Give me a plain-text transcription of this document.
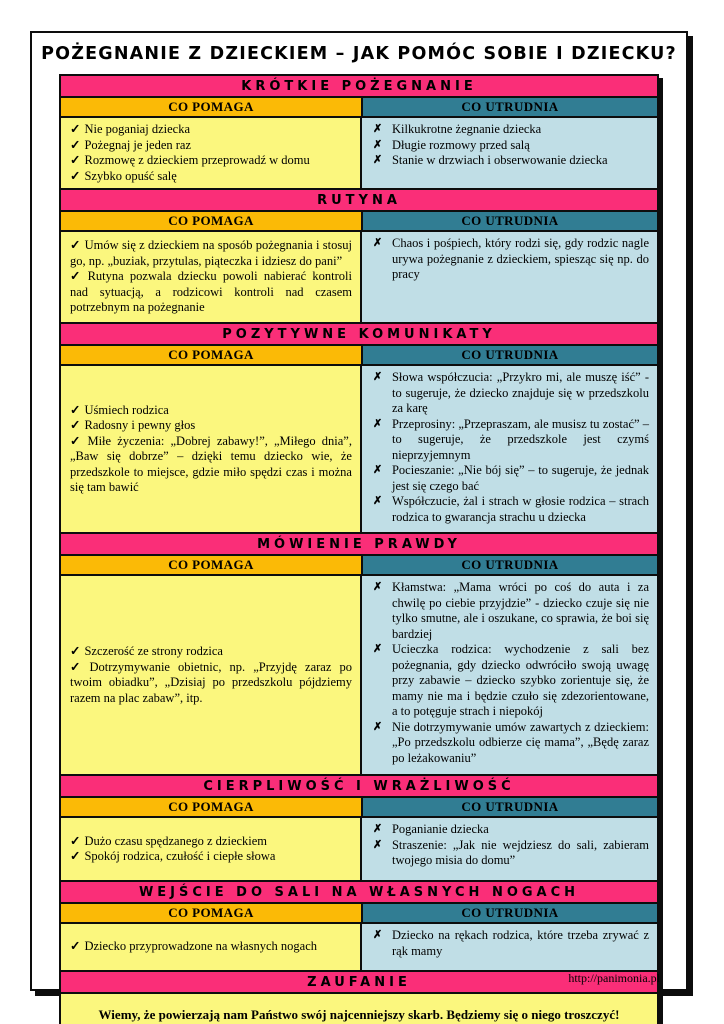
POŻEGNANIE Z DZIECKIEM – JAK POMÓC SOBIE I DZIECKU?
KRÓTKIE POŻEGNANIE
CO POMAGA	CO UTRUDNIA
✓ Nie poganiaj dziecka
✓ Pożegnaj je jeden raz
✓ Rozmowę z dzieckiem przeprowadź w domu
✓ Szybko opuść salę
✗ Kilkukrotne żegnanie dziecka
✗ Długie rozmowy przed salą
✗ Stanie w drzwiach i obserwowanie dziecka
RUTYNA
CO POMAGA	CO UTRUDNIA
✓ Umów się z dzieckiem na sposób pożegnania i stosuj go, np. „buziak, przytulas, piąteczka i idziesz do pani”
✓ Rutyna pozwala dziecku powoli nabierać kontroli nad sytuacją, a rodzicowi kontroli nad czasem potrzebnym na pożegnanie
✗ Chaos i pośpiech, który rodzi się, gdy rodzic nagle urywa pożegnanie z dzieckiem, spiesząc się np. do pracy
POZYTYWNE KOMUNIKATY
CO POMAGA	CO UTRUDNIA
✓ Uśmiech rodzica
✓ Radosny i pewny głos
✓ Miłe życzenia: „Dobrej zabawy!”, „Miłego dnia”, „Baw się dobrze” – dzięki temu dziecko wie, że przedszkole to miejsce, gdzie miło spędzi czas i można się tam bawić
✗ Słowa współczucia: „Przykro mi, ale muszę iść” - to sugeruje, że dziecko znajduje się w przedszkolu za karę
✗ Przeprosiny: „Przepraszam, ale musisz tu zostać” – to sugeruje, że przedszkole jest czymś nieprzyjemnym
✗ Pocieszanie: „Nie bój się” – to sugeruje, że jednak jest się czego bać
✗ Współczucie, żal i strach w głosie rodzica – strach rodzica to gwarancja strachu u dziecka
MÓWIENIE PRAWDY
CO POMAGA	CO UTRUDNIA
✓ Szczerość ze strony rodzica
✓ Dotrzymywanie obietnic, np. „Przyjdę zaraz po twoim obiadku”, „Dzisiaj po przedszkolu pójdziemy razem na plac zabaw”, itp.
✗ Kłamstwa: „Mama wróci po coś do auta i za chwilę po ciebie przyjdzie” - dziecko czuje się nie tylko smutne, ale i oszukane, co sprawia, że boi się bardziej
✗ Ucieczka rodzica: wychodzenie z sali bez pożegnania, gdy dziecko odwróciło swoją uwagę przy zabawie – dziecko szybko zorientuje się, że mamy nie ma i będzie czuło się zdezorientowane, a to potęguje strach i niepokój
✗ Nie dotrzymywanie umów zawartych z dzieckiem: „Po przedszkolu odbierze cię mama”, „Będę zaraz po leżakowaniu”
CIERPLIWOŚĆ I WRAŻLIWOŚĆ
CO POMAGA	CO UTRUDNIA
✓ Dużo czasu spędzanego z dzieckiem
✓ Spokój rodzica, czułość i ciepłe słowa
✗ Poganianie dziecka
✗ Straszenie: „Jak nie wejdziesz do sali, zabieram twojego misia do domu”
WEJŚCIE DO SALI NA WŁASNYCH NOGACH
CO POMAGA	CO UTRUDNIA
✓ Dziecko przyprowadzone na własnych nogach
✗ Dziecko na rękach rodzica, które trzeba zrywać z rąk mamy
ZAUFANIE
Wiemy, że powierzają nam Państwo swój najcenniejszy skarb. Będziemy się o niego troszczyć!
http://panimonia.pl
